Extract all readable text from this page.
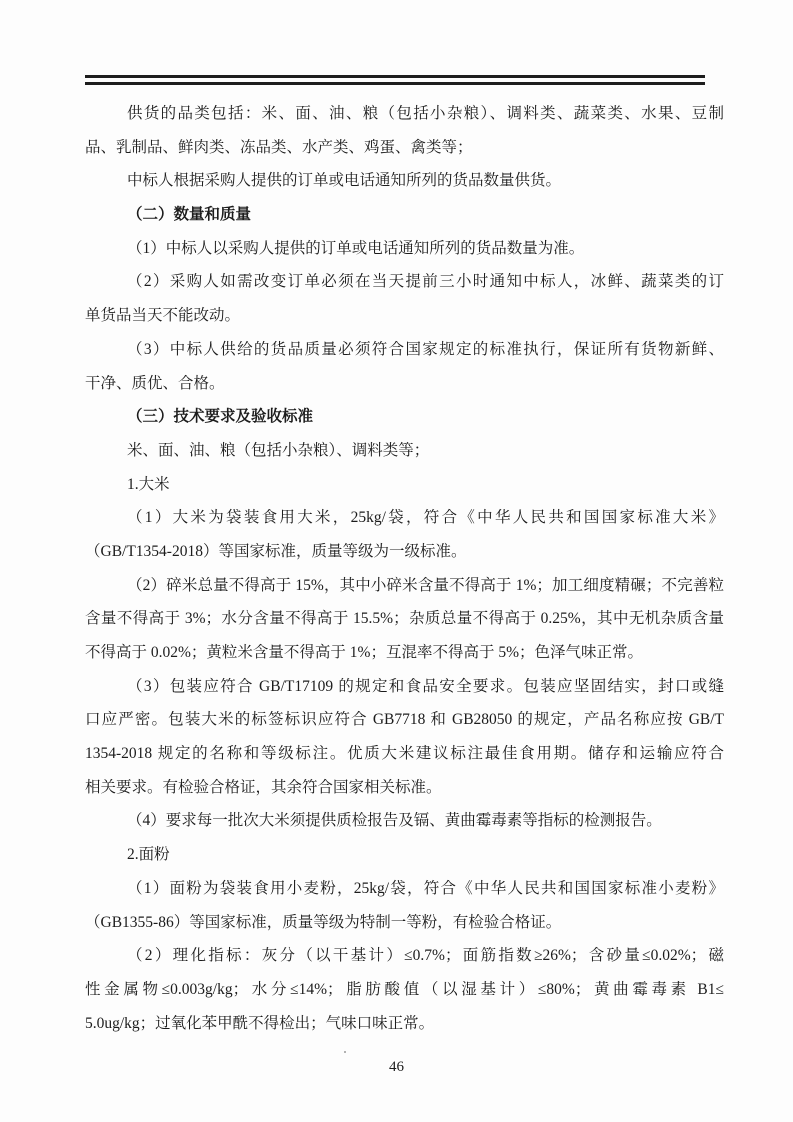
供货的品类包括：米、面、油、粮（包括小杂粮）、调料类、蔬菜类、水果、豆制
品、乳制品、鲜肉类、冻品类、水产类、鸡蛋、禽类等；
中标人根据采购人提供的订单或电话通知所列的货品数量供货。
（二）数量和质量
（1）中标人以采购人提供的订单或电话通知所列的货品数量为准。
（2）采购人如需改变订单必须在当天提前三小时通知中标人，冰鲜、蔬菜类的订
单货品当天不能改动。
（3）中标人供给的货品质量必须符合国家规定的标准执行，保证所有货物新鲜、
干净、质优、合格。
（三）技术要求及验收标准
米、面、油、粮（包括小杂粮）、调料类等；
1.大米
（1）大米为袋装食用大米，25kg/袋，符合《中华人民共和国国家标准大米》
（GB/T1354-2018）等国家标准，质量等级为一级标准。
（2）碎米总量不得高于 15%，其中小碎米含量不得高于 1%；加工细度精碾；不完善粒
含量不得高于 3%；水分含量不得高于 15.5%；杂质总量不得高于 0.25%，其中无机杂质含量
不得高于 0.02%；黄粒米含量不得高于 1%；互混率不得高于 5%；色泽气味正常。
（3）包装应符合 GB/T17109 的规定和食品安全要求。包装应坚固结实，封口或缝
口应严密。包装大米的标签标识应符合 GB7718 和 GB28050 的规定，产品名称应按 GB/T
1354-2018 规定的名称和等级标注。优质大米建议标注最佳食用期。储存和运输应符合
相关要求。有检验合格证，其余符合国家相关标准。
（4）要求每一批次大米须提供质检报告及镉、黄曲霉毒素等指标的检测报告。
2.面粉
（1）面粉为袋装食用小麦粉，25kg/袋，符合《中华人民共和国国家标准小麦粉》
（GB1355-86）等国家标准，质量等级为特制一等粉，有检验合格证。
（2）理化指标：灰分（以干基计）≤0.7%；面筋指数≥26%；含砂量≤0.02%；磁
性金属物≤0.003g/kg；水分≤14%；脂肪酸值（以湿基计）≤80%；黄曲霉毒素 B1≤
5.0ug/kg；过氧化苯甲酰不得检出；气味口味正常。
46
